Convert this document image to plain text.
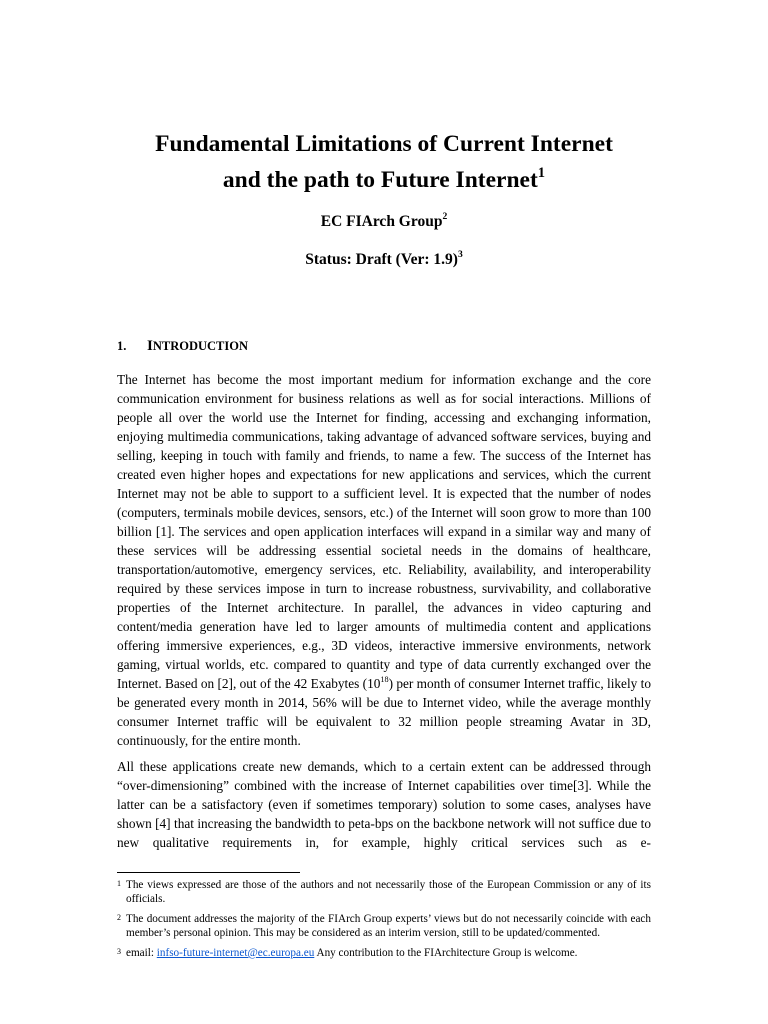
Fundamental Limitations of Current Internet

and the path to Future Internet$^1$

EC FIArch Group$^2$

Status: Draft (Ver: 1.9)$^3$

1. INTRODUCTION

The Internet has become the most important medium for information exchange and the core communication environment for business relations as well as for social interactions. Millions of people all over the world use the Internet for finding, accessing and exchanging information, enjoying multimedia communications, taking advantage of advanced software services, buying and selling, keeping in touch with family and friends, to name a few. The success of the Internet has created even higher hopes and expectations for new applications and services, which the current Internet may not be able to support to a sufficient level. It is expected that the number of nodes (computers, terminals mobile devices, sensors, etc.) of the Internet will soon grow to more than 100 billion [1]. The services and open application interfaces will expand in a similar way and many of these services will be addressing essential societal needs in the domains of healthcare, transportation/automotive, emergency services, etc. Reliability, availability, and interoperability required by these services impose in turn to increase robustness, survivability, and collaborative properties of the Internet architecture. In parallel, the advances in video capturing and content/media generation have led to larger amounts of multimedia content and applications offering immersive experiences, e.g., 3D videos, interactive immersive environments, network gaming, virtual worlds, etc. compared to quantity and type of data currently exchanged over the Internet. Based on [2], out of the 42 Exabytes $(10^{18})$ per month of consumer Internet traffic, likely to be generated every month in 2014, 56% will be due to Internet video, while the average monthly consumer Internet traffic will be equivalent to 32 million people streaming Avatar in 3D, continuously, for the entire month.

All these applications create new demands, which to a certain extent can be addressed through “over-dimensioning” combined with the increase of Internet capabilities over time[3]. While the latter can be a satisfactory (even if sometimes temporary) solution to some cases, analyses have shown [4] that increasing the bandwidth to peta-bps on the backbone network will not suffice due to new qualitative requirements in, for example, highly critical services such as e-

1 The views expressed are those of the authors and not necessarily those of the European Commission or any of its officials.
2 The document addresses the majority of the FIArch Group experts’ views but do not necessarily coincide with each member’s personal opinion. This may be considered as an interim version, still to be updated/commented.
3 email: infso-future-internet@ec.europa.eu Any contribution to the FIArchitecture Group is welcome.
